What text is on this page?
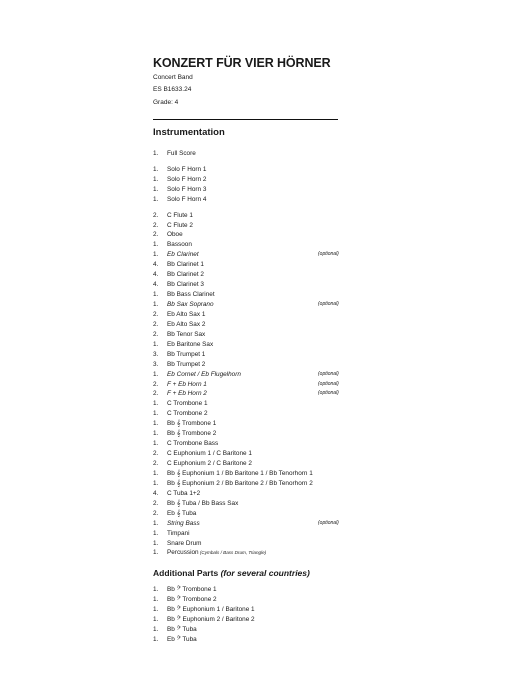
KONZERT FÜR VIER HÖRNER

Concert Band

ES B1633.24

Grade: 4

Instrumentation
1.	Full Score
1.	Solo F Horn 1
1.	Solo F Horn 2
1.	Solo F Horn 3
1.	Solo F Horn 4
2.	C Flute 1
2.	C Flute 2
2.	Oboe
1.	Bassoon
1.	Eb Clarinet	(optional)
4.	Bb Clarinet 1
4.	Bb Clarinet 2
4.	Bb Clarinet 3
1.	Bb Bass Clarinet
1.	Bb Sax Soprano	(optional)
2.	Eb Alto Sax 1
2.	Eb Alto Sax 2
2.	Bb Tenor Sax
1.	Eb Baritone Sax
3.	Bb Trumpet 1
3.	Bb Trumpet 2
1.	Eb Cornet / Eb Flugelhorn	(optional)
2.	F + Eb Horn 1	(optional)
2.	F + Eb Horn 2	(optional)
1.	C Trombone 1
1.	C Trombone 2
1.	Bb 𝄞 Trombone 1
1.	Bb 𝄞 Trombone 2
1.	C Trombone Bass
2.	C Euphonium 1 / C Baritone 1
2.	C Euphonium 2 / C Baritone 2
1.	Bb 𝄞 Euphonium 1 / Bb Baritone 1 / Bb Tenorhorn 1
1.	Bb 𝄞 Euphonium 2 / Bb Baritone 2 / Bb Tenorhorn 2
4.	C Tuba 1+2
2.	Bb 𝄞 Tuba / Bb Bass Sax
2.	Eb 𝄞 Tuba
1.	String Bass	(optional)
1.	Timpani
1.	Snare Drum
1.	Percussion (Cymbals / Bass Drum, Triangle)
Additional Parts (for several countries)
1.	Bb 𝄢 Trombone 1
1.	Bb 𝄢 Trombone 2
1.	Bb 𝄢 Euphonium 1 / Baritone 1
1.	Bb 𝄢 Euphonium 2 / Baritone 2
1.	Bb 𝄢 Tuba
1.	Eb 𝄢 Tuba
